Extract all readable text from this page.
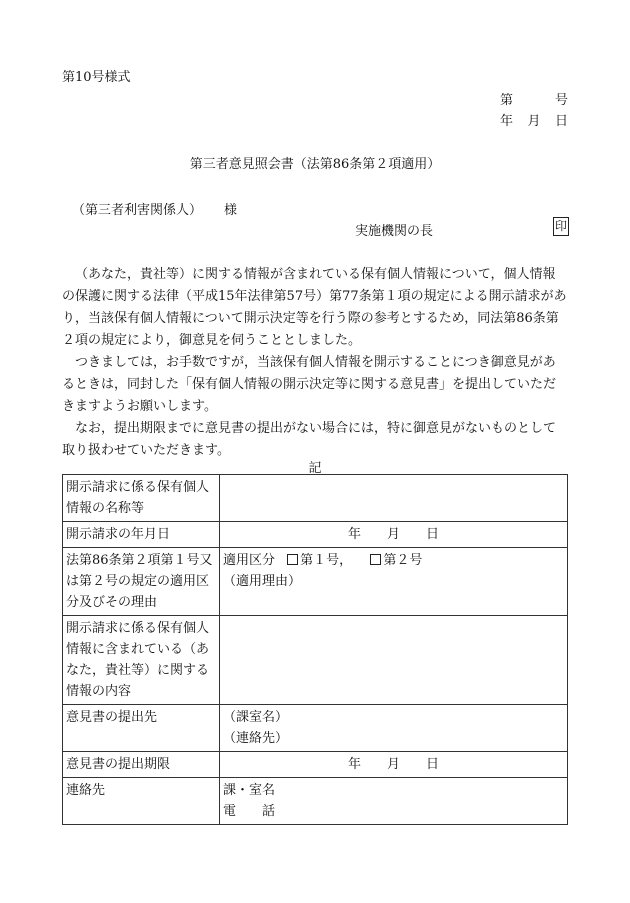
第10号様式
第	号
年 月 日
第三者意見照会書（法第86条第２項適用）
（第三者利害関係人） 様
実施機関の長	印

（あなた，貴社等）に関する情報が含まれている保有個人情報について，個人情報の保護に関する法律（平成15年法律第57号）第77条第１項の規定による開示請求があり，当該保有個人情報について開示決定等を行う際の参考とするため，同法第86条第２項の規定により，御意見を伺うこととしました。

つきましては，お手数ですが，当該保有個人情報を開示することにつき御意見があるときは，同封した「保有個人情報の開示決定等に関する意見書」を提出していただきますようお願いします。

なお，提出期限までに意見書の提出がない場合には，特に御意見がないものとして取り扱わせていただきます。

記
開示請求に係る保有個人情報の名称等	
開示請求の年月日	年 月 日
法第86条第２項第１号又は第２号の規定の適用区分及びその理由	適用区分 第１号， 第２号
（適用理由）

開示請求に係る保有個人情報に含まれている（あなた，貴社等）に関する情報の内容	
意見書の提出先	（課室名）
（連絡先）

意見書の提出期限	年 月 日
連絡先	課・室名
電　　話
